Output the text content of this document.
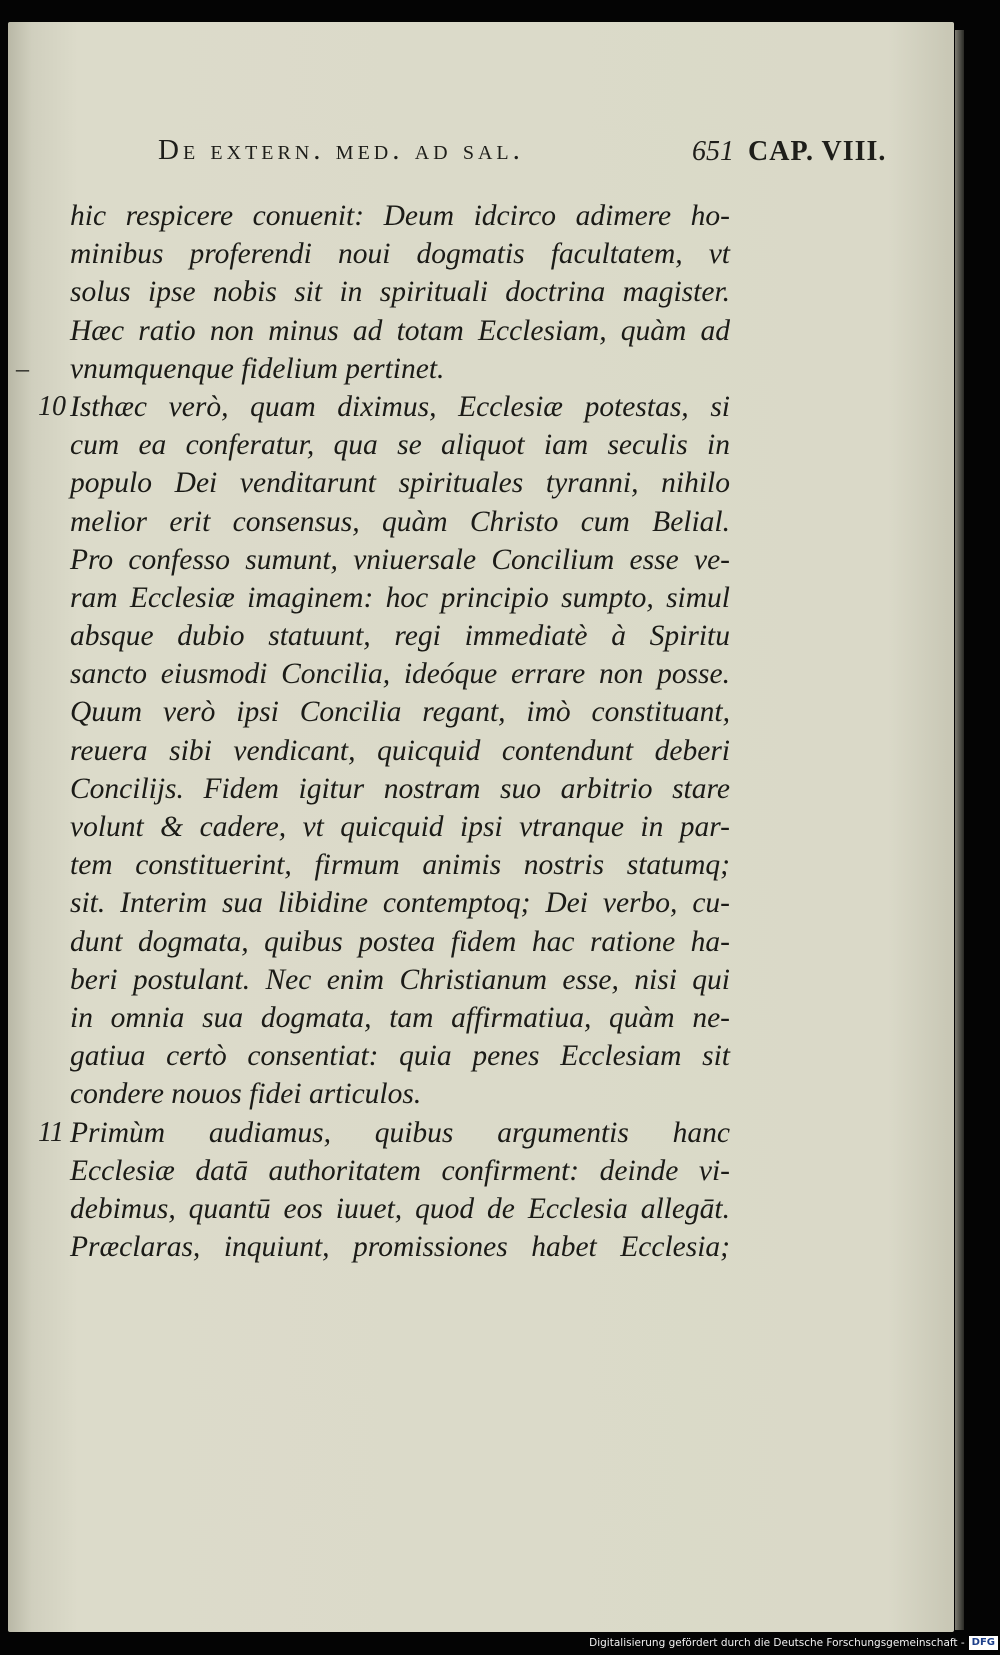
De extern. med. ad sal.	651 CAP. VIII.
hic respicere conuenit: Deum idcirco adimere ho-
minibus proferendi noui dogmatis facultatem, vt
solus ipse nobis sit in spirituali doctrina magister.
Hæc ratio non minus ad totam Ecclesiam, quàm ad
– vnumquenque fidelium pertinet.
10 Isthæc verò, quam diximus, Ecclesiæ potestas, si
cum ea conferatur, qua se aliquot iam seculis in
populo Dei venditarunt spirituales tyranni, nihilo
melior erit consensus, quàm Christo cum Belial.
Pro confesso sumunt, vniuersale Concilium esse ve-
ram Ecclesiæ imaginem: hoc principio sumpto, simul
absque dubio statuunt, regi immediatè à Spiritu
sancto eiusmodi Concilia, ideóque errare non posse.
Quum verò ipsi Concilia regant, imò constituant,
reuera sibi vendicant, quicquid contendunt deberi
Concilijs. Fidem igitur nostram suo arbitrio stare
volunt & cadere, vt quicquid ipsi vtranque in par-
tem constituerint, firmum animis nostris statumq;
sit. Interim sua libidine contemptoq; Dei verbo, cu-
dunt dogmata, quibus postea fidem hac ratione ha-
beri postulant. Nec enim Christianum esse, nisi qui
in omnia sua dogmata, tam affirmatiua, quàm ne-
gatiua certò consentiat: quia penes Ecclesiam sit
condere nouos fidei articulos.
11 Primùm audiamus, quibus argumentis hanc
Ecclesiæ datā authoritatem confirment: deinde vi-
debimus, quantū eos iuuet, quod de Ecclesia allegāt.
Præclaras, inquiunt, promissiones habet Ecclesia;
Digitalisierung gefördert durch die Deutsche Forschungsgemeinschaft - DFG
